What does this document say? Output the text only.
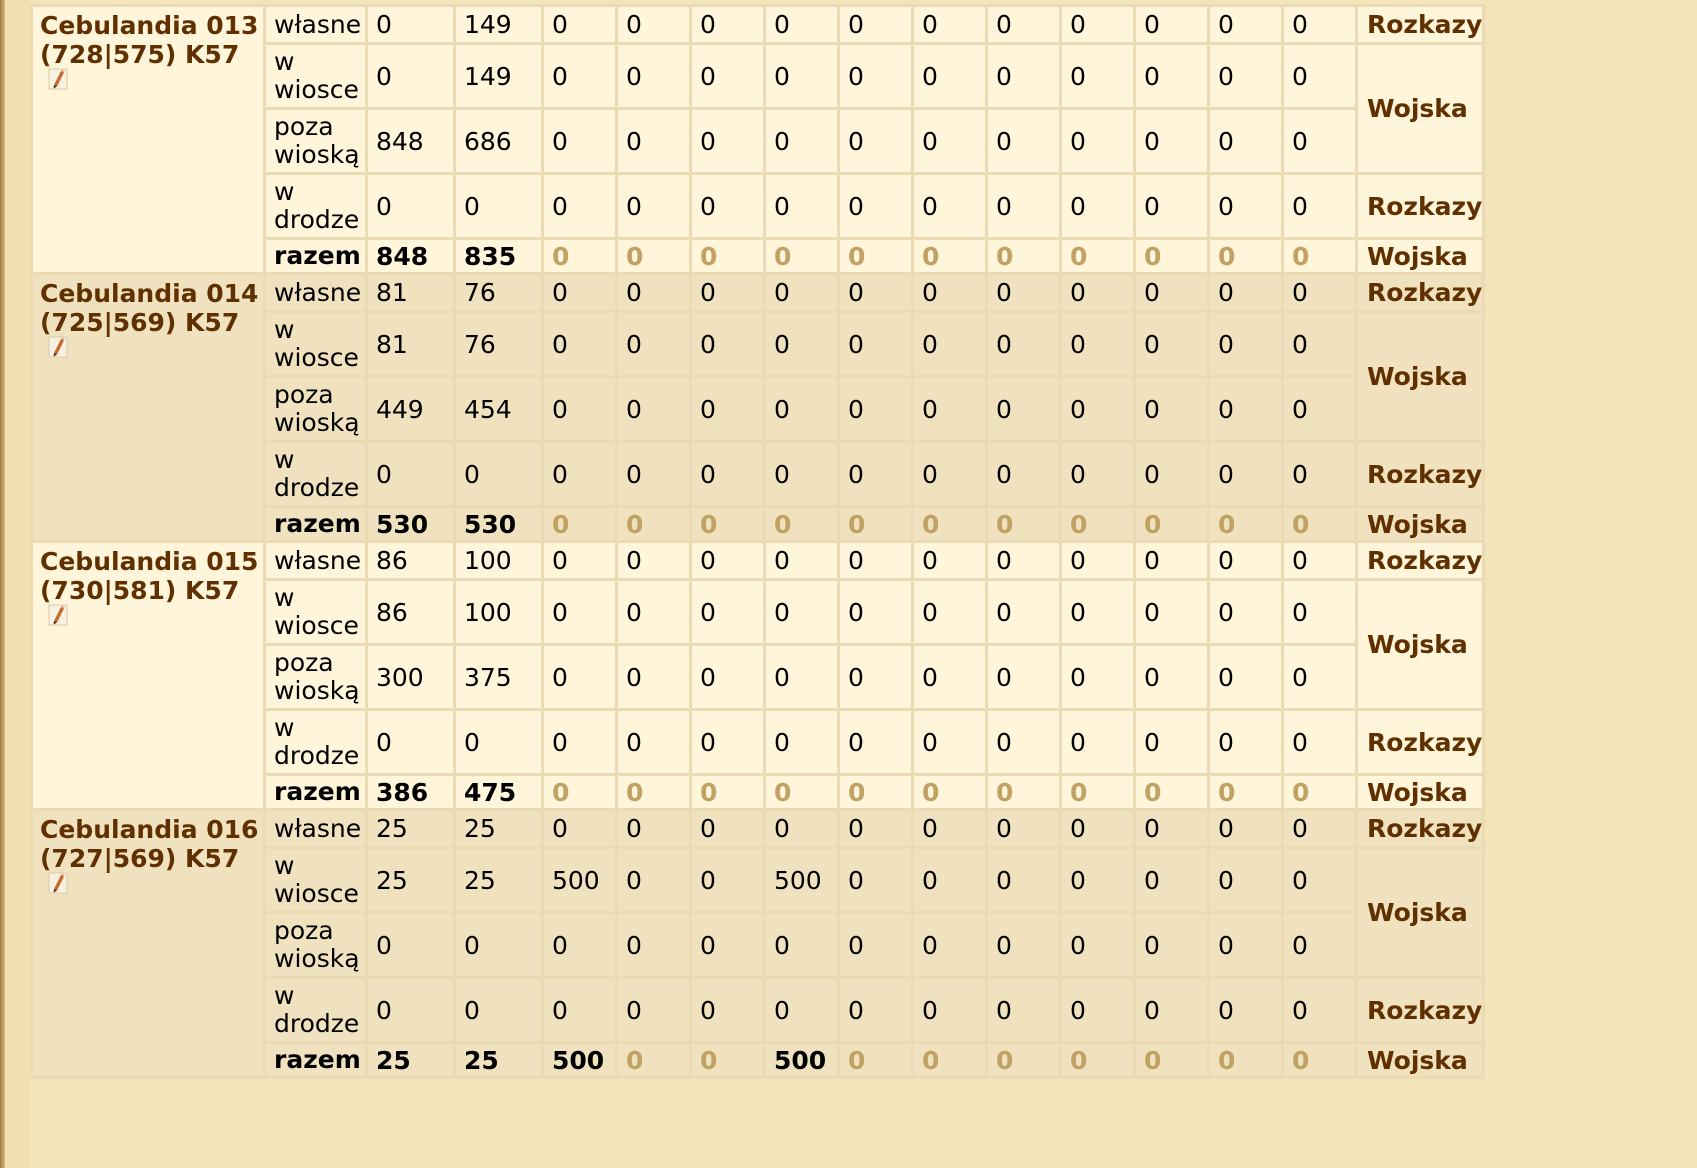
Cebulandia 013
(728|575) K57	własne	0	149	0	0	0	0	0	0	0	0	0	0	0	Rozkazy
	w wiosce	0	149	0	0	0	0	0	0	0	0	0	0	0	Wojska
	poza wioską	848	686	0	0	0	0	0	0	0	0	0	0	0	
	w drodze	0	0	0	0	0	0	0	0	0	0	0	0	0	Rozkazy
	razem	848	835	0	0	0	0	0	0	0	0	0	0	0	Wojska

Cebulandia 014
(725|569) K57	własne	81	76	0	0	0	0	0	0	0	0	0	0	0	Rozkazy
	w wiosce	81	76	0	0	0	0	0	0	0	0	0	0	0	Wojska
	poza wioską	449	454	0	0	0	0	0	0	0	0	0	0	0	
	w drodze	0	0	0	0	0	0	0	0	0	0	0	0	0	Rozkazy
	razem	530	530	0	0	0	0	0	0	0	0	0	0	0	Wojska

Cebulandia 015
(730|581) K57	własne	86	100	0	0	0	0	0	0	0	0	0	0	0	Rozkazy
	w wiosce	86	100	0	0	0	0	0	0	0	0	0	0	0	Wojska
	poza wioską	300	375	0	0	0	0	0	0	0	0	0	0	0	
	w drodze	0	0	0	0	0	0	0	0	0	0	0	0	0	Rozkazy
	razem	386	475	0	0	0	0	0	0	0	0	0	0	0	Wojska

Cebulandia 016
(727|569) K57	własne	25	25	0	0	0	0	0	0	0	0	0	0	0	Rozkazy
	w wiosce	25	25	500	0	0	500	0	0	0	0	0	0	0	Wojska
	poza wioską	0	0	0	0	0	0	0	0	0	0	0	0	0	
	w drodze	0	0	0	0	0	0	0	0	0	0	0	0	0	Rozkazy
	razem	25	25	500	0	0	500	0	0	0	0	0	0	0	Wojska
